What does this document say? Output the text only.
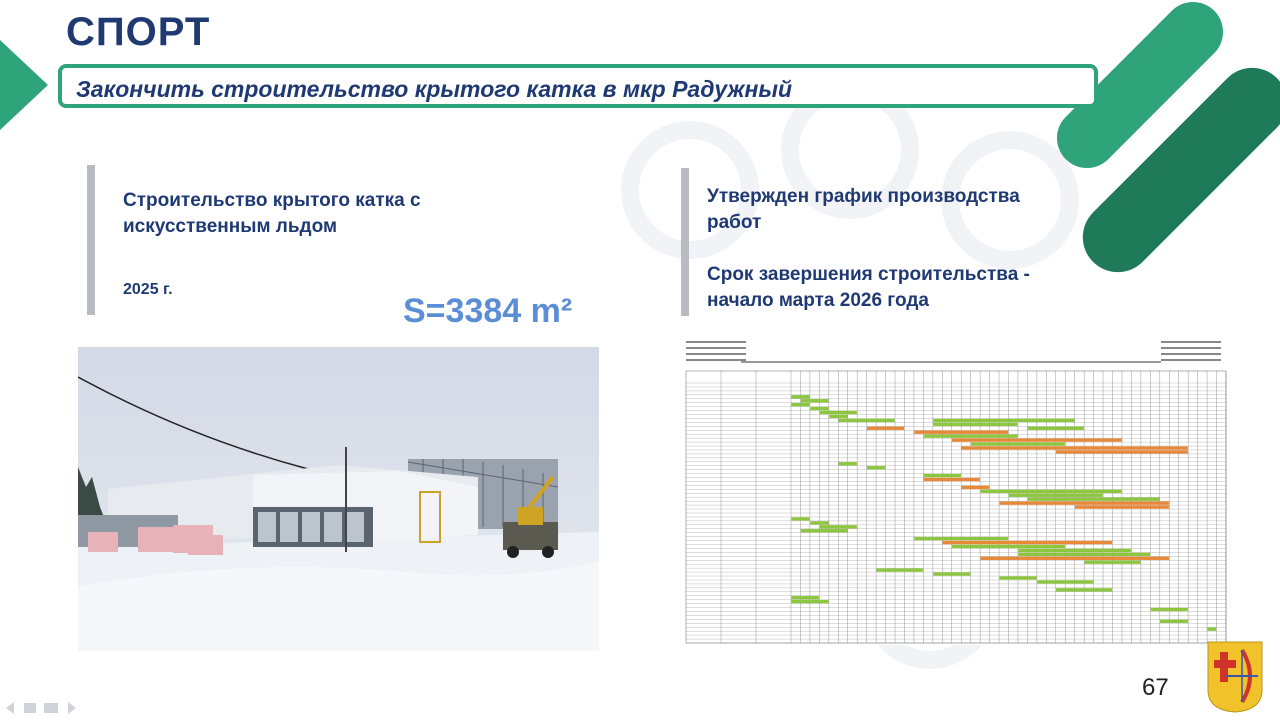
СПОРТ
Закончить строительство крытого катка в мкр Радужный
Строительство крытого катка с
искусственным льдом
2025 г.
S=3384 m²
Утвержден график производства
работ
Срок завершения строительства -
начало марта 2026 года
67
